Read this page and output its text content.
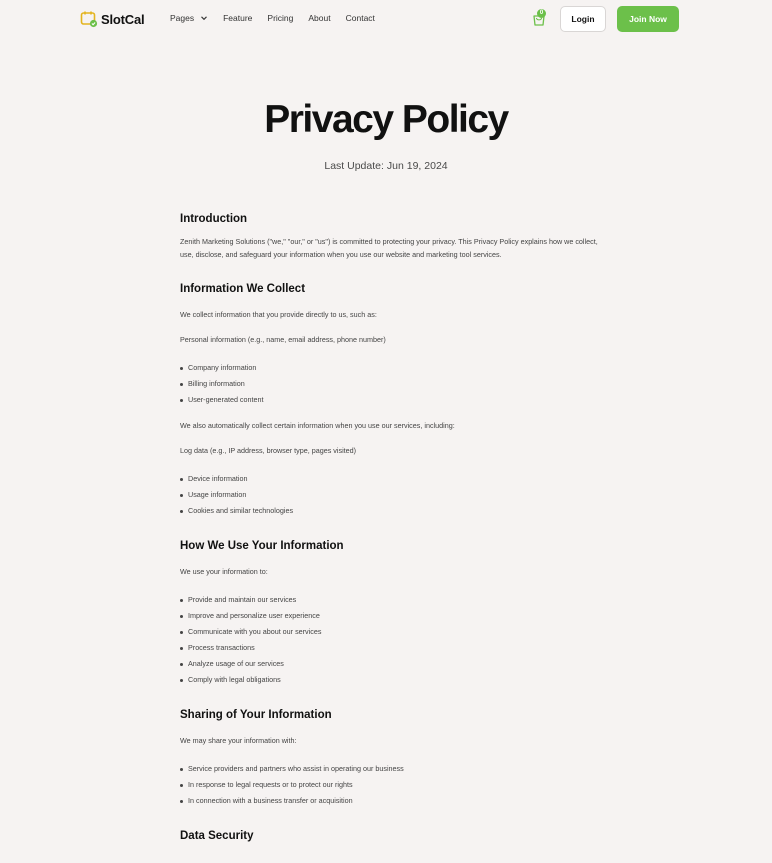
SlotCal	Pages	Feature Pricing About Contact	0
Login	Join Now
Privacy Policy
Last Update: Jun 19, 2024
Introduction

Zenith Marketing Solutions ("we," "our," or "us") is committed to protecting your privacy. This Privacy Policy explains how we collect, use, disclose, and safeguard your information when you use our website and marketing tool services.

Information We Collect

We collect information that you provide directly to us, such as:

Personal information (e.g., name, email address, phone number)

Company information
Billing information
User-generated content

We also automatically collect certain information when you use our services, including:

Log data (e.g., IP address, browser type, pages visited)

Device information
Usage information
Cookies and similar technologies
How We Use Your Information

We use your information to:

Provide and maintain our services
Improve and personalize user experience
Communicate with you about our services
Process transactions
Analyze usage of our services
Comply with legal obligations
Sharing of Your Information

We may share your information with:

Service providers and partners who assist in operating our business
In response to legal requests or to protect our rights
In connection with a business transfer or acquisition
Data Security
